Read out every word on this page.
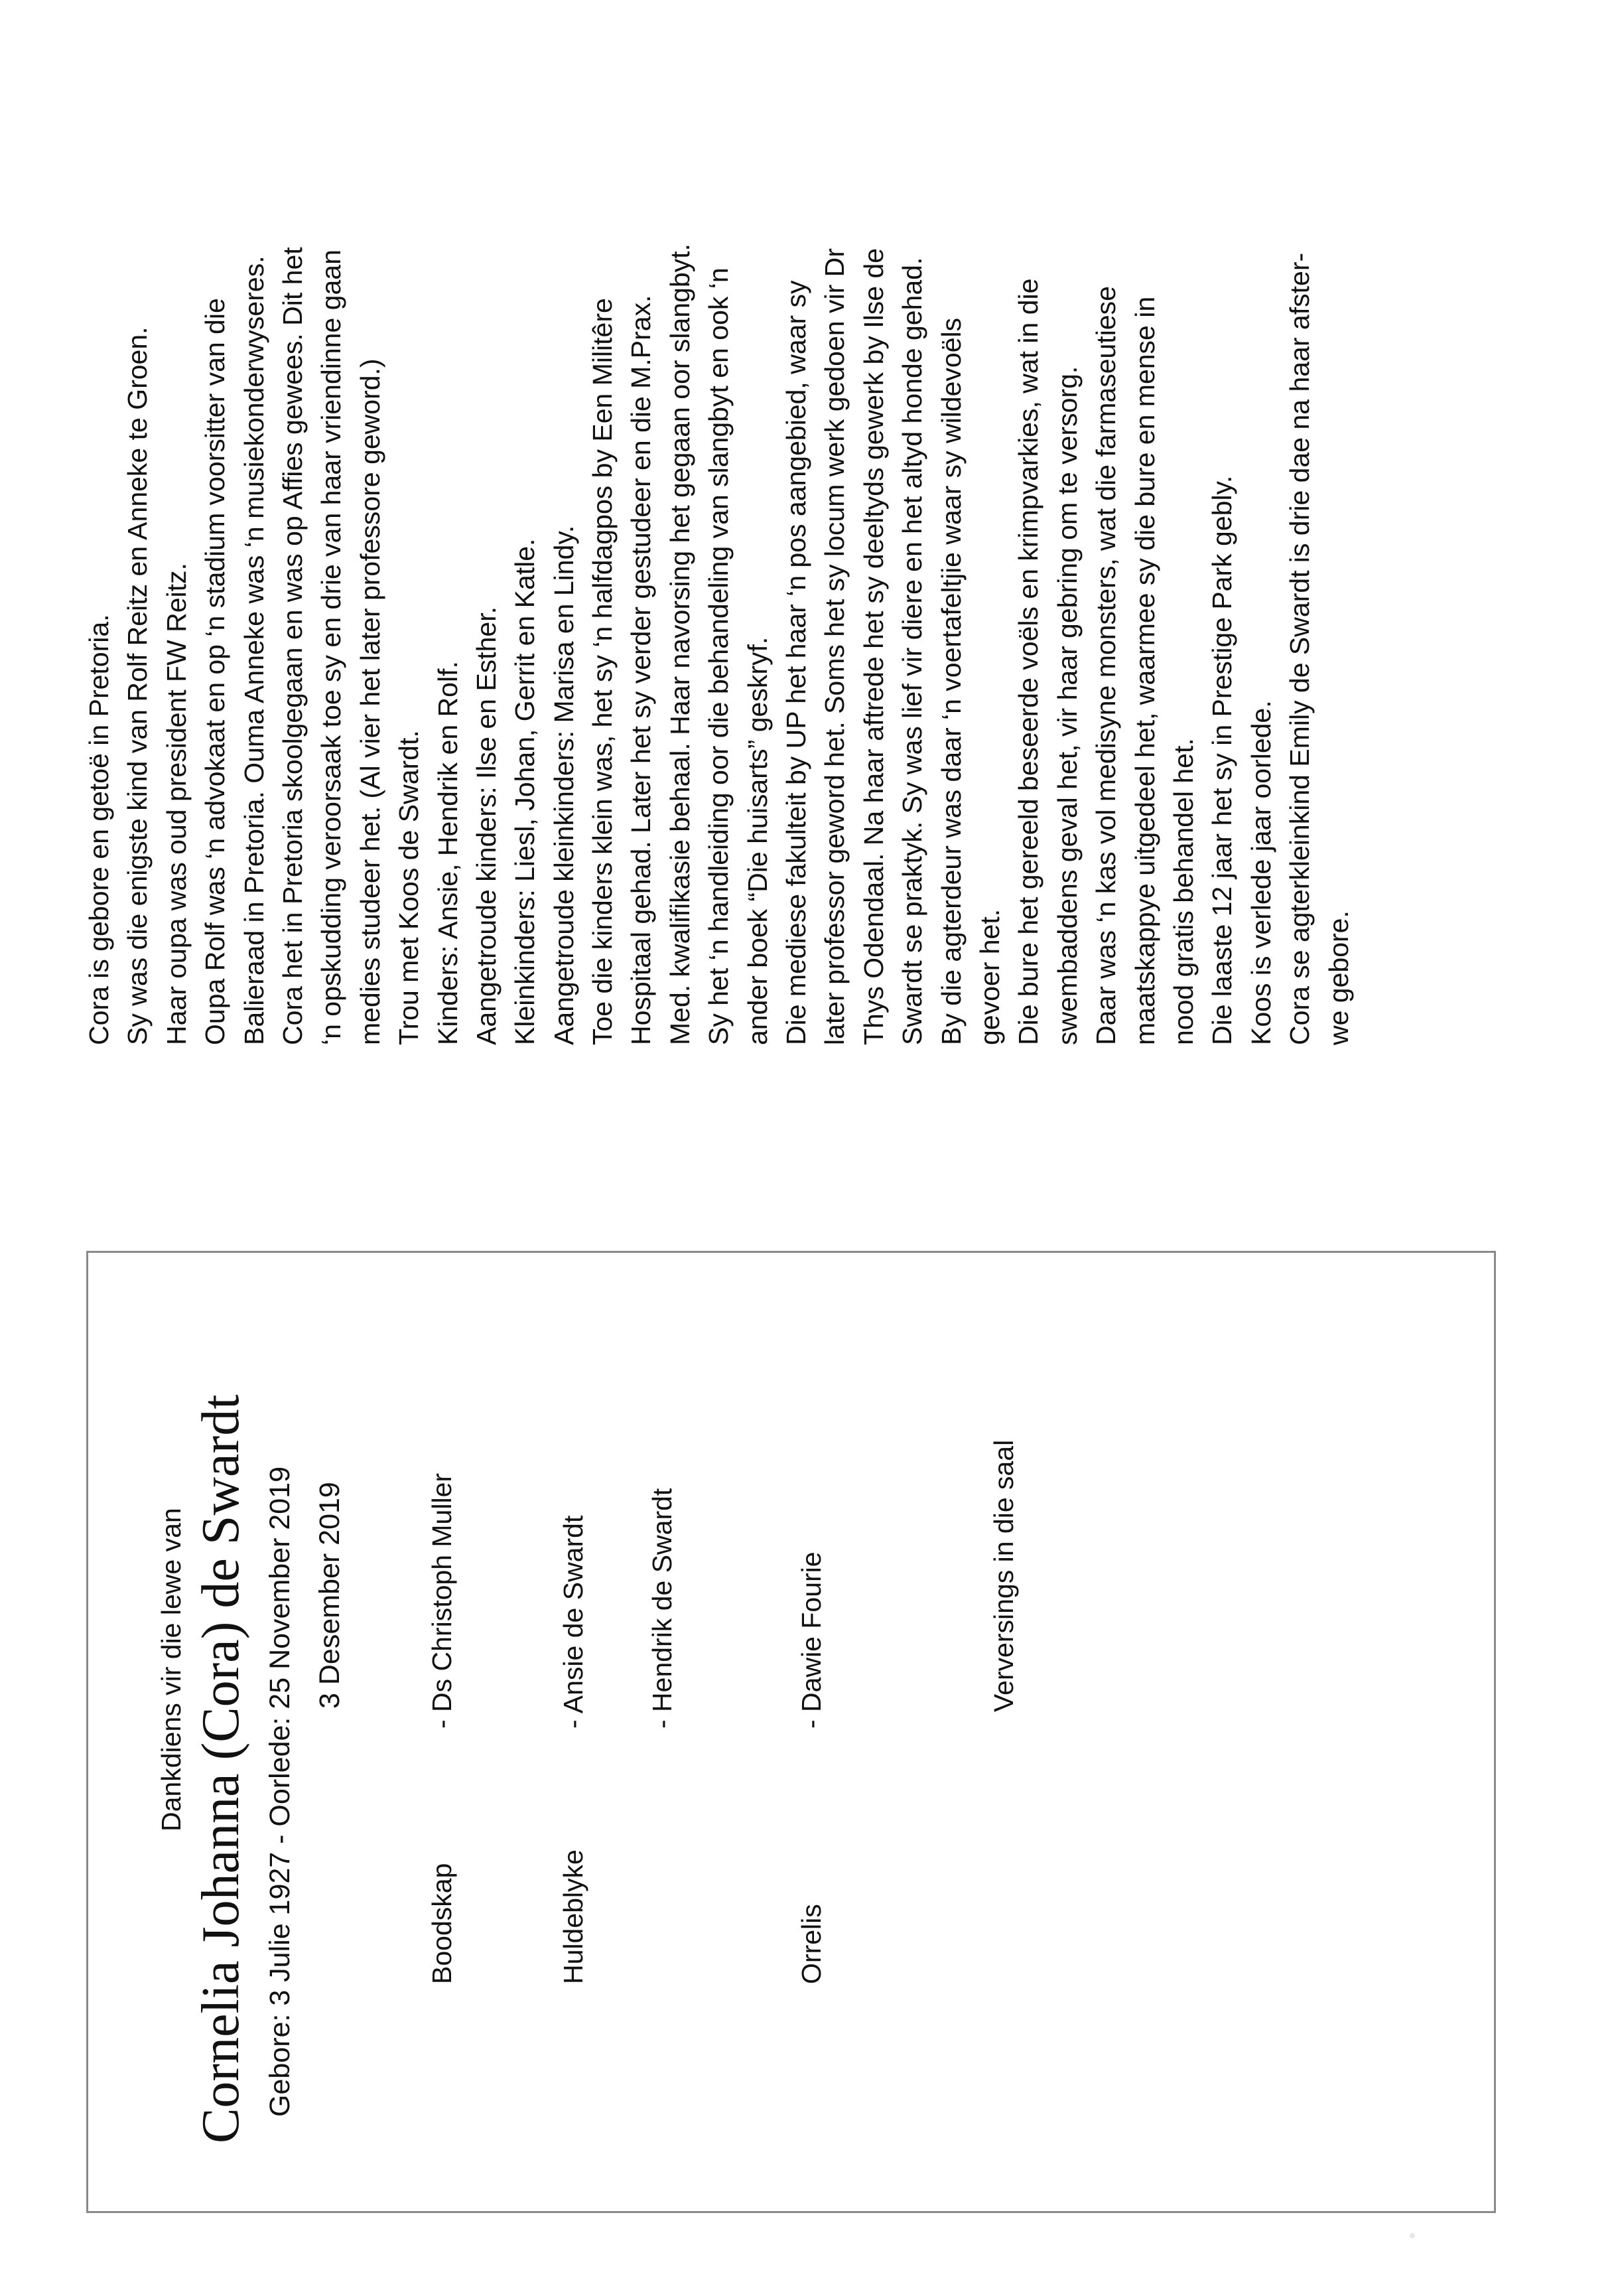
Cora is gebore en getoë in Pretoria. Sy was die enigste kind van Rolf Reitz en Anneke te Groen. Haar oupa was oud president FW Reitz. Oupa Rolf was ‘n advokaat en op ‘n stadium voorsitter van die Balieraad in Pretoria. Ouma Anneke was ‘n musiekonderwyseres. Cora het in Pretoria skoolgegaan en was op Affies gewees. Dit het ‘n opskudding veroorsaak toe sy en drie van haar vriendinne gaan medies studeer het. (Al vier het later professore geword.) Trou met Koos de Swardt. Kinders: Ansie, Hendrik en Rolf. Aangetroude kinders: Ilse en Esther. Kleinkinders: Liesl, Johan, Gerrit en Katle. Aangetroude kleinkinders: Marisa en Lindy. Toe die kinders klein was, het sy ‘n halfdagpos by Een Militêre Hospitaal gehad. Later het sy verder gestudeer en die M.Prax. Med. kwalifikasie behaal. Haar navorsing het gegaan oor slangbyt. Sy het ‘n handleiding oor die behandeling van slangbyt en ook ‘n ander boek “Die huisarts” geskryf. Die mediese fakulteit by UP het haar ‘n pos aangebied, waar sy later professor geword het. Soms het sy locum werk gedoen vir Dr Thys Odendaal. Na haar aftrede het sy deeltyds gewerk by Ilse de Swardt se praktyk. Sy was lief vir diere en het altyd honde gehad. By die agterdeur was daar ‘n voertafeltjie waar sy wildevoëls gevoer het. Die bure het gereeld beseerde voëls en krimpvarkies, wat in die swembaddens geval het, vir haar gebring om te versorg. Daar was ‘n kas vol medisyne monsters, wat die farmaseutiese maatskappye uitgedeel het, waarmee sy die bure en mense in nood gratis behandel het. Die laaste 12 jaar het sy in Prestige Park gebly. Koos is verlede jaar oorlede. Cora se agterkleinkind Emily de Swardt is drie dae na haar afster- we gebore.
Dankdiens vir die lewe van Cornelia Johanna (Cora) de Swardt Gebore: 3 Julie 1927 - Oorlede: 25 November 2019 3 Desember 2019
Boodskap
- Ds Christoph Muller
Huldeblyke
- Ansie de Swardt - Hendrik de Swardt
Orrelis
- Dawie Fourie	Verversings in die saal
